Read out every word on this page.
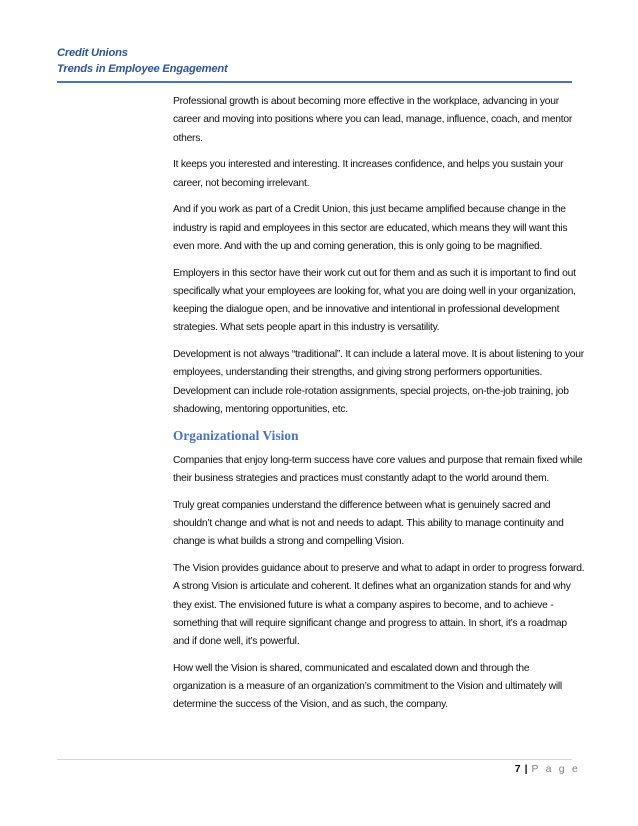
Credit Unions
Trends in Employee Engagement

Professional growth is about becoming more effective in the workplace, advancing in your career and moving into positions where you can lead, manage, influence, coach, and mentor others.

It keeps you interested and interesting. It increases confidence, and helps you sustain your career, not becoming irrelevant.

And if you work as part of a Credit Union, this just became amplified because change in the industry is rapid and employees in this sector are educated, which means they will want this even more. And with the up and coming generation, this is only going to be magnified.

Employers in this sector have their work cut out for them and as such it is important to find out specifically what your employees are looking for, what you are doing well in your organization, keeping the dialogue open, and be innovative and intentional in professional development strategies. What sets people apart in this industry is versatility.

Development is not always “traditional”. It can include a lateral move. It is about listening to your employees, understanding their strengths, and giving strong performers opportunities. Development can include role-rotation assignments, special projects, on-the-job training, job shadowing, mentoring opportunities, etc.

Organizational Vision

Companies that enjoy long-term success have core values and purpose that remain fixed while their business strategies and practices must constantly adapt to the world around them.

Truly great companies understand the difference between what is genuinely sacred and shouldn’t change and what is not and needs to adapt. This ability to manage continuity and change is what builds a strong and compelling Vision.

The Vision provides guidance about to preserve and what to adapt in order to progress forward. A strong Vision is articulate and coherent. It defines what an organization stands for and why they exist. The envisioned future is what a company aspires to become, and to achieve - something that will require significant change and progress to attain. In short, it’s a roadmap and if done well, it’s powerful.

How well the Vision is shared, communicated and escalated down and through the organization is a measure of an organization’s commitment to the Vision and ultimately will determine the success of the Vision, and as such, the company.

7 | P a g e
